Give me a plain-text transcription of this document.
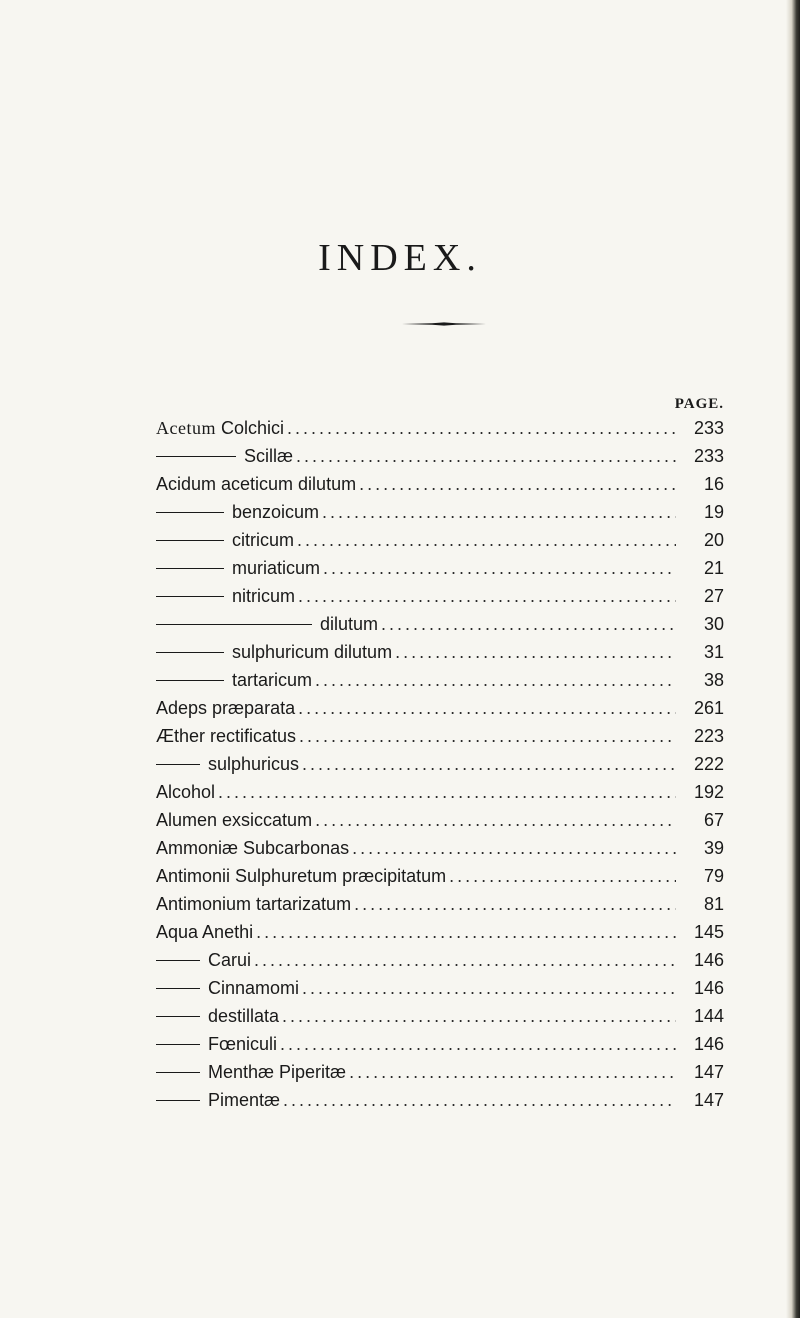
INDEX.
PAGE.
Acetum Colchici .....	233
Scillæ .....	233
Acidum aceticum dilutum .....	16
benzoicum .....	19
citricum .....	20
muriaticum .....	21
nitricum .....	27
dilutum .....	30
sulphuricum dilutum .....	31
tartaricum .....	38
Adeps præparata .....	261
Æther rectificatus .....	223
sulphuricus .....	222
Alcohol .....	192
Alumen exsiccatum .....	67
Ammoniæ Subcarbonas .....	39
Antimonii Sulphuretum præcipitatum .....	79
Antimonium tartarizatum .....	81
Aqua Anethi .....	145
Carui .....	146
Cinnamomi .....	146
destillata .....	144
Fœniculi .....	146
Menthæ Piperitæ .....	147
Pimentæ .....	147
